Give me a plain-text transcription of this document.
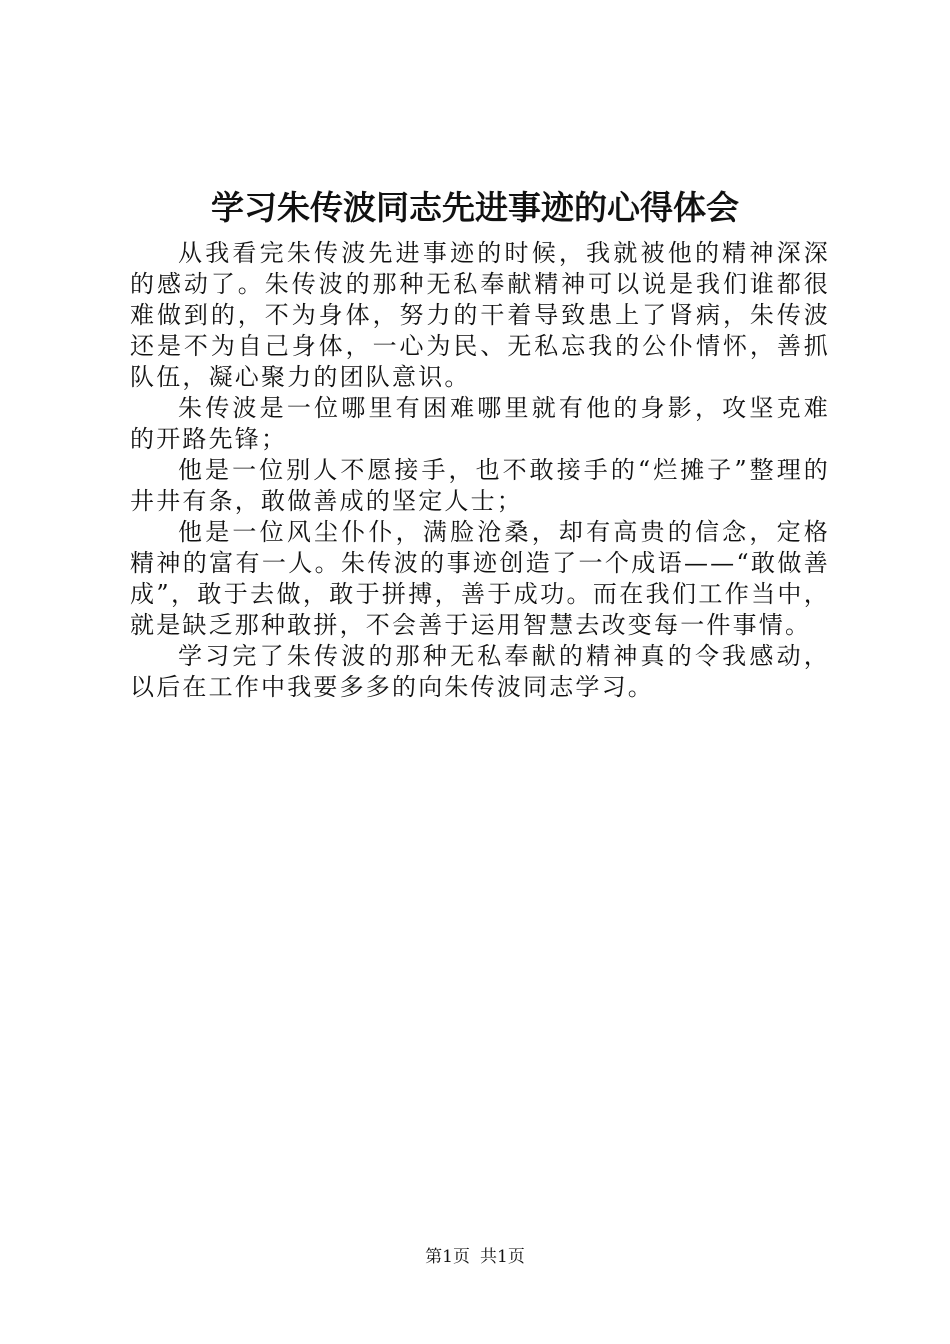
学习朱传波同志先进事迹的心得体会

从我看完朱传波先进事迹的时候，我就被他的精神深深的感动了。朱传波的那种无私奉献精神可以说是我们谁都很难做到的，不为身体，努力的干着导致患上了肾病，朱传波还是不为自己身体，一心为民、无私忘我的公仆情怀，善抓队伍，凝心聚力的团队意识。

朱传波是一位哪里有困难哪里就有他的身影，攻坚克难的开路先锋；

他是一位别人不愿接手，也不敢接手的“烂摊子”整理的井井有条，敢做善成的坚定人士；

他是一位风尘仆仆，满脸沧桑，却有高贵的信念，定格精神的富有一人。朱传波的事迹创造了一个成语——“敢做善成”，敢于去做，敢于拼搏，善于成功。而在我们工作当中，就是缺乏那种敢拼，不会善于运用智慧去改变每一件事情。

学习完了朱传波的那种无私奉献的精神真的令我感动，以后在工作中我要多多的向朱传波同志学习。

第1页 共1页
